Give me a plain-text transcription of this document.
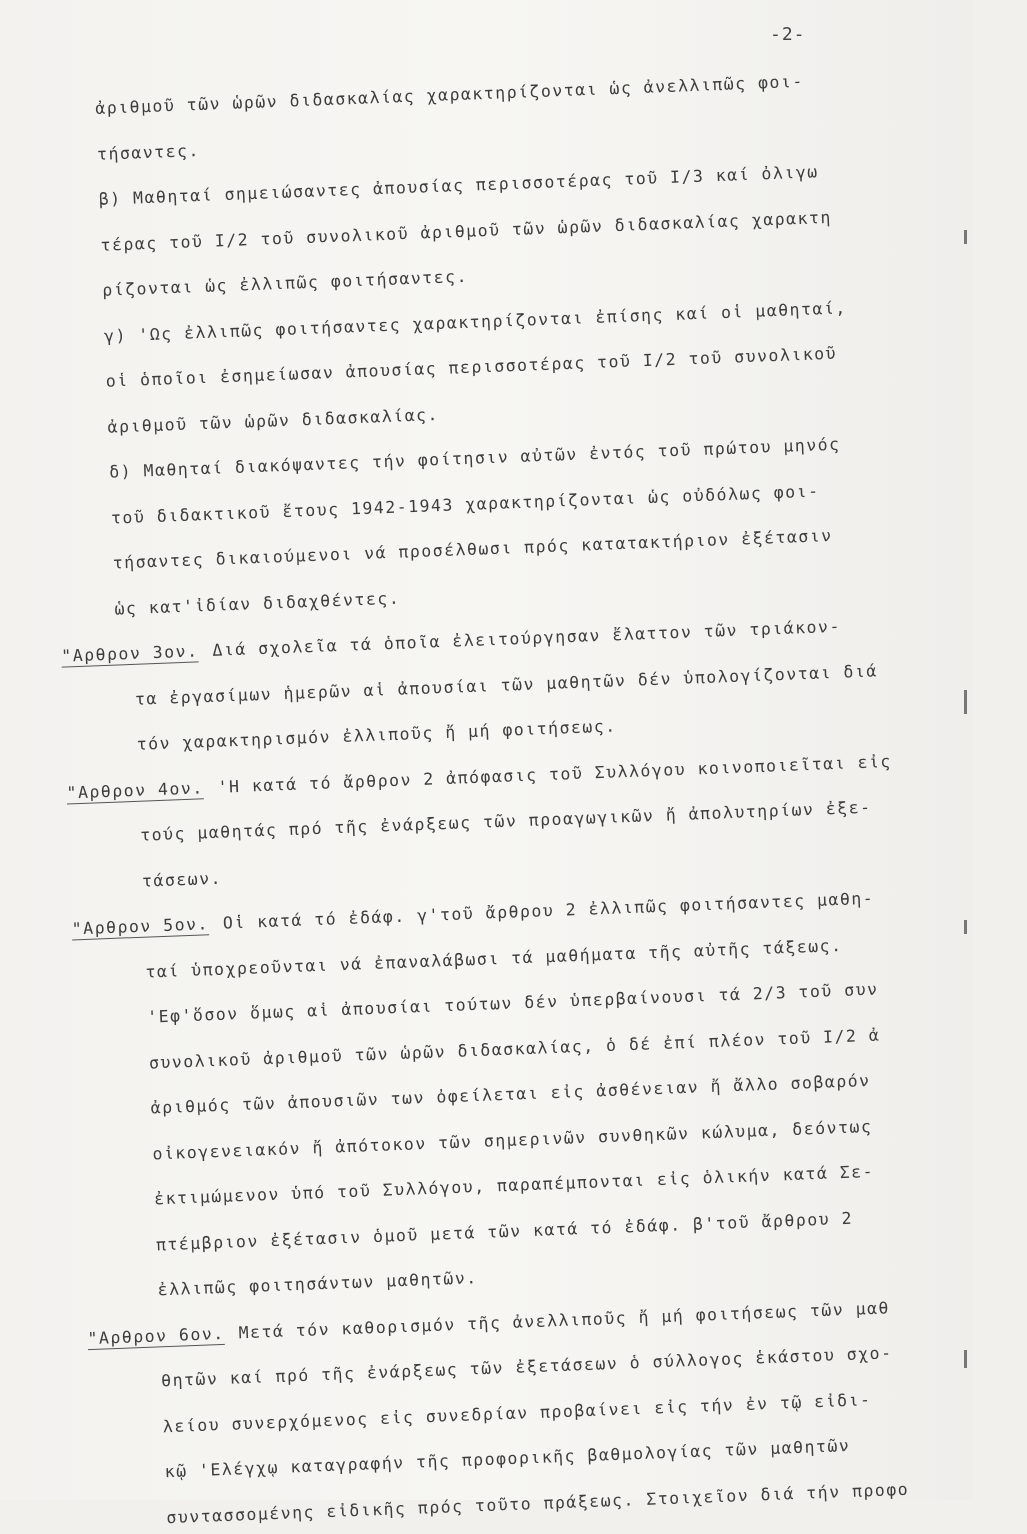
-2-
ἀριθμοῦ τῶν ὡρῶν διδασκαλίας χαρακτηρίζονται ὡς ἀνελλιπῶς φοι-
τήσαντες.
β) Μαθηταί σημειώσαντες ἀπουσίας περισσοτέρας τοῦ I/3 καί ὀλιγω
τέρας τοῦ I/2 τοῦ συνολικοῦ ἀριθμοῦ τῶν ὡρῶν διδασκαλίας χαρακτη
ρίζονται ὡς ἐλλιπῶς φοιτήσαντες.
γ) 'Ως ἐλλιπῶς φοιτήσαντες χαρακτηρίζονται ἐπίσης καί οἱ μαθηταί,
οἱ ὁποῖοι ἐσημείωσαν ἀπουσίας περισσοτέρας τοῦ I/2 τοῦ συνολικοῦ
ἀριθμοῦ τῶν ὡρῶν διδασκαλίας.
δ) Μαθηταί διακόψαντες τήν φοίτησιν αὐτῶν ἐντός τοῦ πρώτου μηνός
τοῦ διδακτικοῦ ἔτους 1942-1943 χαρακτηρίζονται ὡς οὐδόλως φοι-
τήσαντες δικαιούμενοι νά προσέλθωσι πρός κατατακτήριον ἐξέτασιν
ὡς κατ'ἰδίαν διδαχθέντες.
"Αρθρον 3ον. Διά σχολεῖα τά ὁποῖα ἐλειτούργησαν ἔλαττον τῶν τριάκον-
τα ἐργασίμων ἡμερῶν αἱ ἀπουσίαι τῶν μαθητῶν δέν ὑπολογίζονται διά
τόν χαρακτηρισμόν ἐλλιποῦς ἤ μή φοιτήσεως.
"Αρθρον 4ον. 'Η κατά τό ἄρθρον 2 ἀπόφασις τοῦ Συλλόγου κοινοποιεῖται εἰς
τούς μαθητάς πρό τῆς ἐνάρξεως τῶν προαγωγικῶν ἤ ἀπολυτηρίων ἐξε-
τάσεων.
"Αρθρον 5ον. Οἱ κατά τό ἐδάφ. γ'τοῦ ἄρθρου 2 ἐλλιπῶς φοιτήσαντες μαθη-
ταί ὑποχρεοῦνται νά ἐπαναλάβωσι τά μαθήματα τῆς αὐτῆς τάξεως.
'Εφ'ὅσον ὅμως αἱ ἀπουσίαι τούτων δέν ὑπερβαίνουσι τά 2/3 τοῦ συν
συνολικοῦ ἀριθμοῦ τῶν ὡρῶν διδασκαλίας, ὁ δέ ἐπί πλέον τοῦ I/2 ἀ
ἀριθμός τῶν ἀπουσιῶν των ὀφείλεται εἰς ἀσθένειαν ἤ ἄλλο σοβαρόν
οἰκογενειακόν ἤ ἀπότοκον τῶν σημερινῶν συνθηκῶν κώλυμα, δεόντως
ἐκτιμώμενον ὑπό τοῦ Συλλόγου, παραπέμπονται εἰς ὁλικήν κατά Σε-
πτέμβριον ἐξέτασιν ὁμοῦ μετά τῶν κατά τό ἐδάφ. β'τοῦ ἄρθρου 2
ἐλλιπῶς φοιτησάντων μαθητῶν.
"Αρθρον 6ον. Μετά τόν καθορισμόν τῆς ἀνελλιποῦς ἤ μή φοιτήσεως τῶν μαθ
θητῶν καί πρό τῆς ἐνάρξεως τῶν ἐξετάσεων ὁ σύλλογος ἑκάστου σχο-
λείου συνερχόμενος εἰς συνεδρίαν προβαίνει εἰς τήν ἐν τῷ εἰδι-
κῷ 'Ελέγχῳ καταγραφήν τῆς προφορικῆς βαθμολογίας τῶν μαθητῶν
συντασσομένης εἰδικῆς πρός τοῦτο πράξεως. Στοιχεῖον διά τήν προφο
